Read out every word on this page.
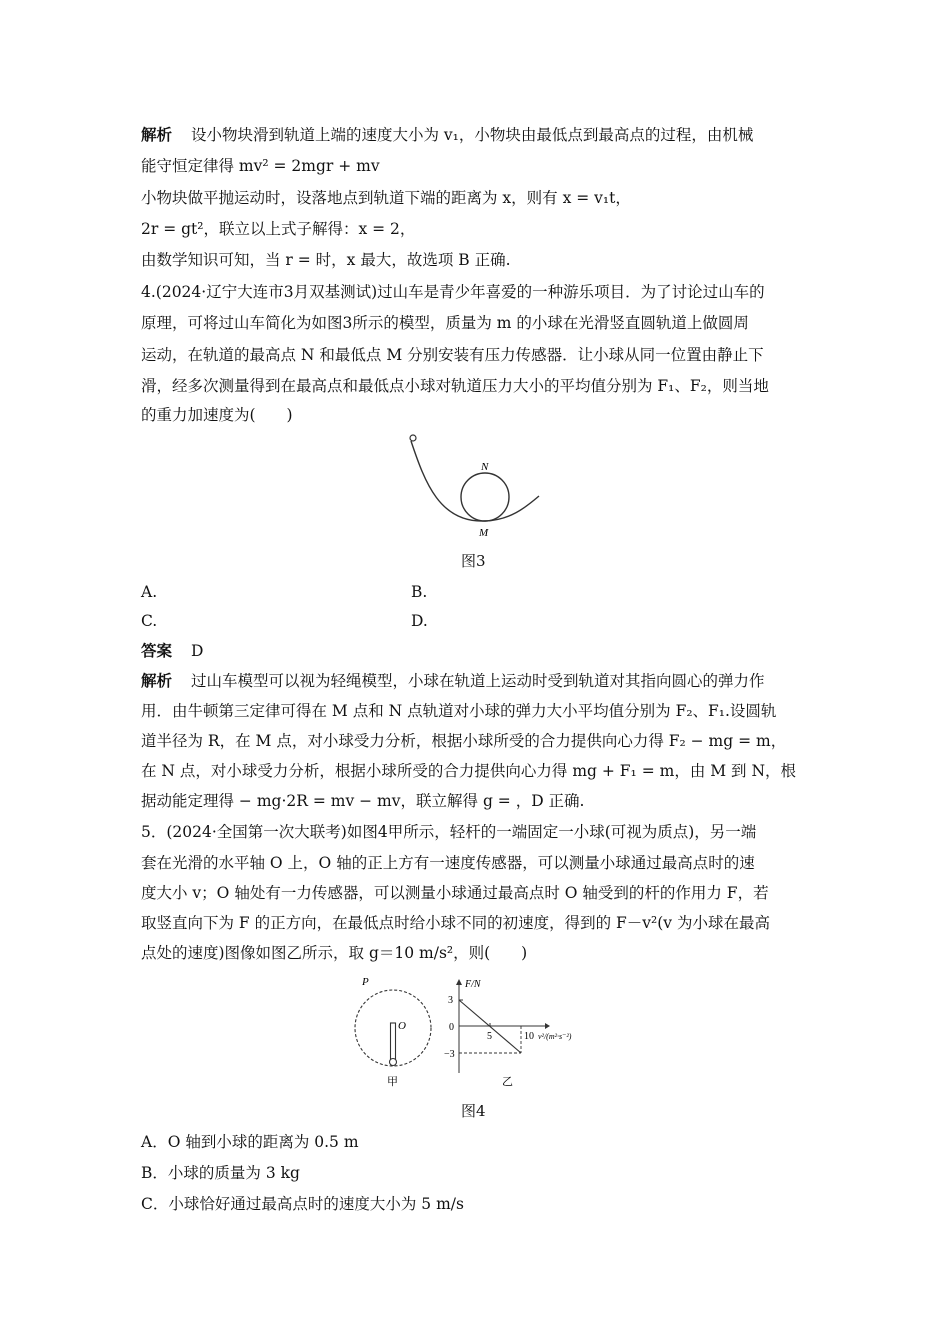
解析 设小物块滑到轨道上端的速度大小为 v₁，小物块由最低点到最高点的过程，由机械
能守恒定律得 mv² = 2mgr + mv
小物块做平抛运动时，设落地点到轨道下端的距离为 x，则有 x = v₁t，
2r = gt²，联立以上式子解得：x = 2，
由数学知识可知，当 r = 时，x 最大，故选项 B 正确.
4.(2024·辽宁大连市3月双基测试)过山车是青少年喜爱的一种游乐项目．为了讨论过山车的
原理，可将过山车简化为如图3所示的模型，质量为 m 的小球在光滑竖直圆轨道上做圆周
运动，在轨道的最高点 N 和最低点 M 分别安装有压力传感器．让小球从同一位置由静止下
滑，经多次测量得到在最高点和最低点小球对轨道压力大小的平均值分别为 F₁、F₂，则当地
的重力加速度为(　　)
N
M
图3
A.	B.
C.	D.
答案 D
解析 过山车模型可以视为轻绳模型，小球在轨道上运动时受到轨道对其指向圆心的弹力作
用．由牛顿第三定律可得在 M 点和 N 点轨道对小球的弹力大小平均值分别为 F₂、F₁.设圆轨
道半径为 R，在 M 点，对小球受力分析，根据小球所受的合力提供向心力得 F₂ − mg = m，
在 N 点，对小球受力分析，根据小球所受的合力提供向心力得 mg + F₁ = m，由 M 到 N，根
据动能定理得 − mg·2R = mv − mv，联立解得 g = ，D 正确.
5．(2024·全国第一次大联考)如图4甲所示，轻杆的一端固定一小球(可视为质点)，另一端
套在光滑的水平轴 O 上，O 轴的正上方有一速度传感器，可以测量小球通过最高点时的速
度大小 v；O 轴处有一力传感器，可以测量小球通过最高点时 O 轴受到的杆的作用力 F，若
取竖直向下为 F 的正方向，在最低点时给小球不同的初速度，得到的 F－v²(v 为小球在最高
点处的速度)图像如图乙所示，取 g＝10 m/s²，则(　　)
P
O
甲
F/N
3
0
−3
5	10 v²/(m²·s⁻²)
乙
图4
A．O 轴到小球的距离为 0.5 m
B．小球的质量为 3 kg
C．小球恰好通过最高点时的速度大小为 5 m/s
